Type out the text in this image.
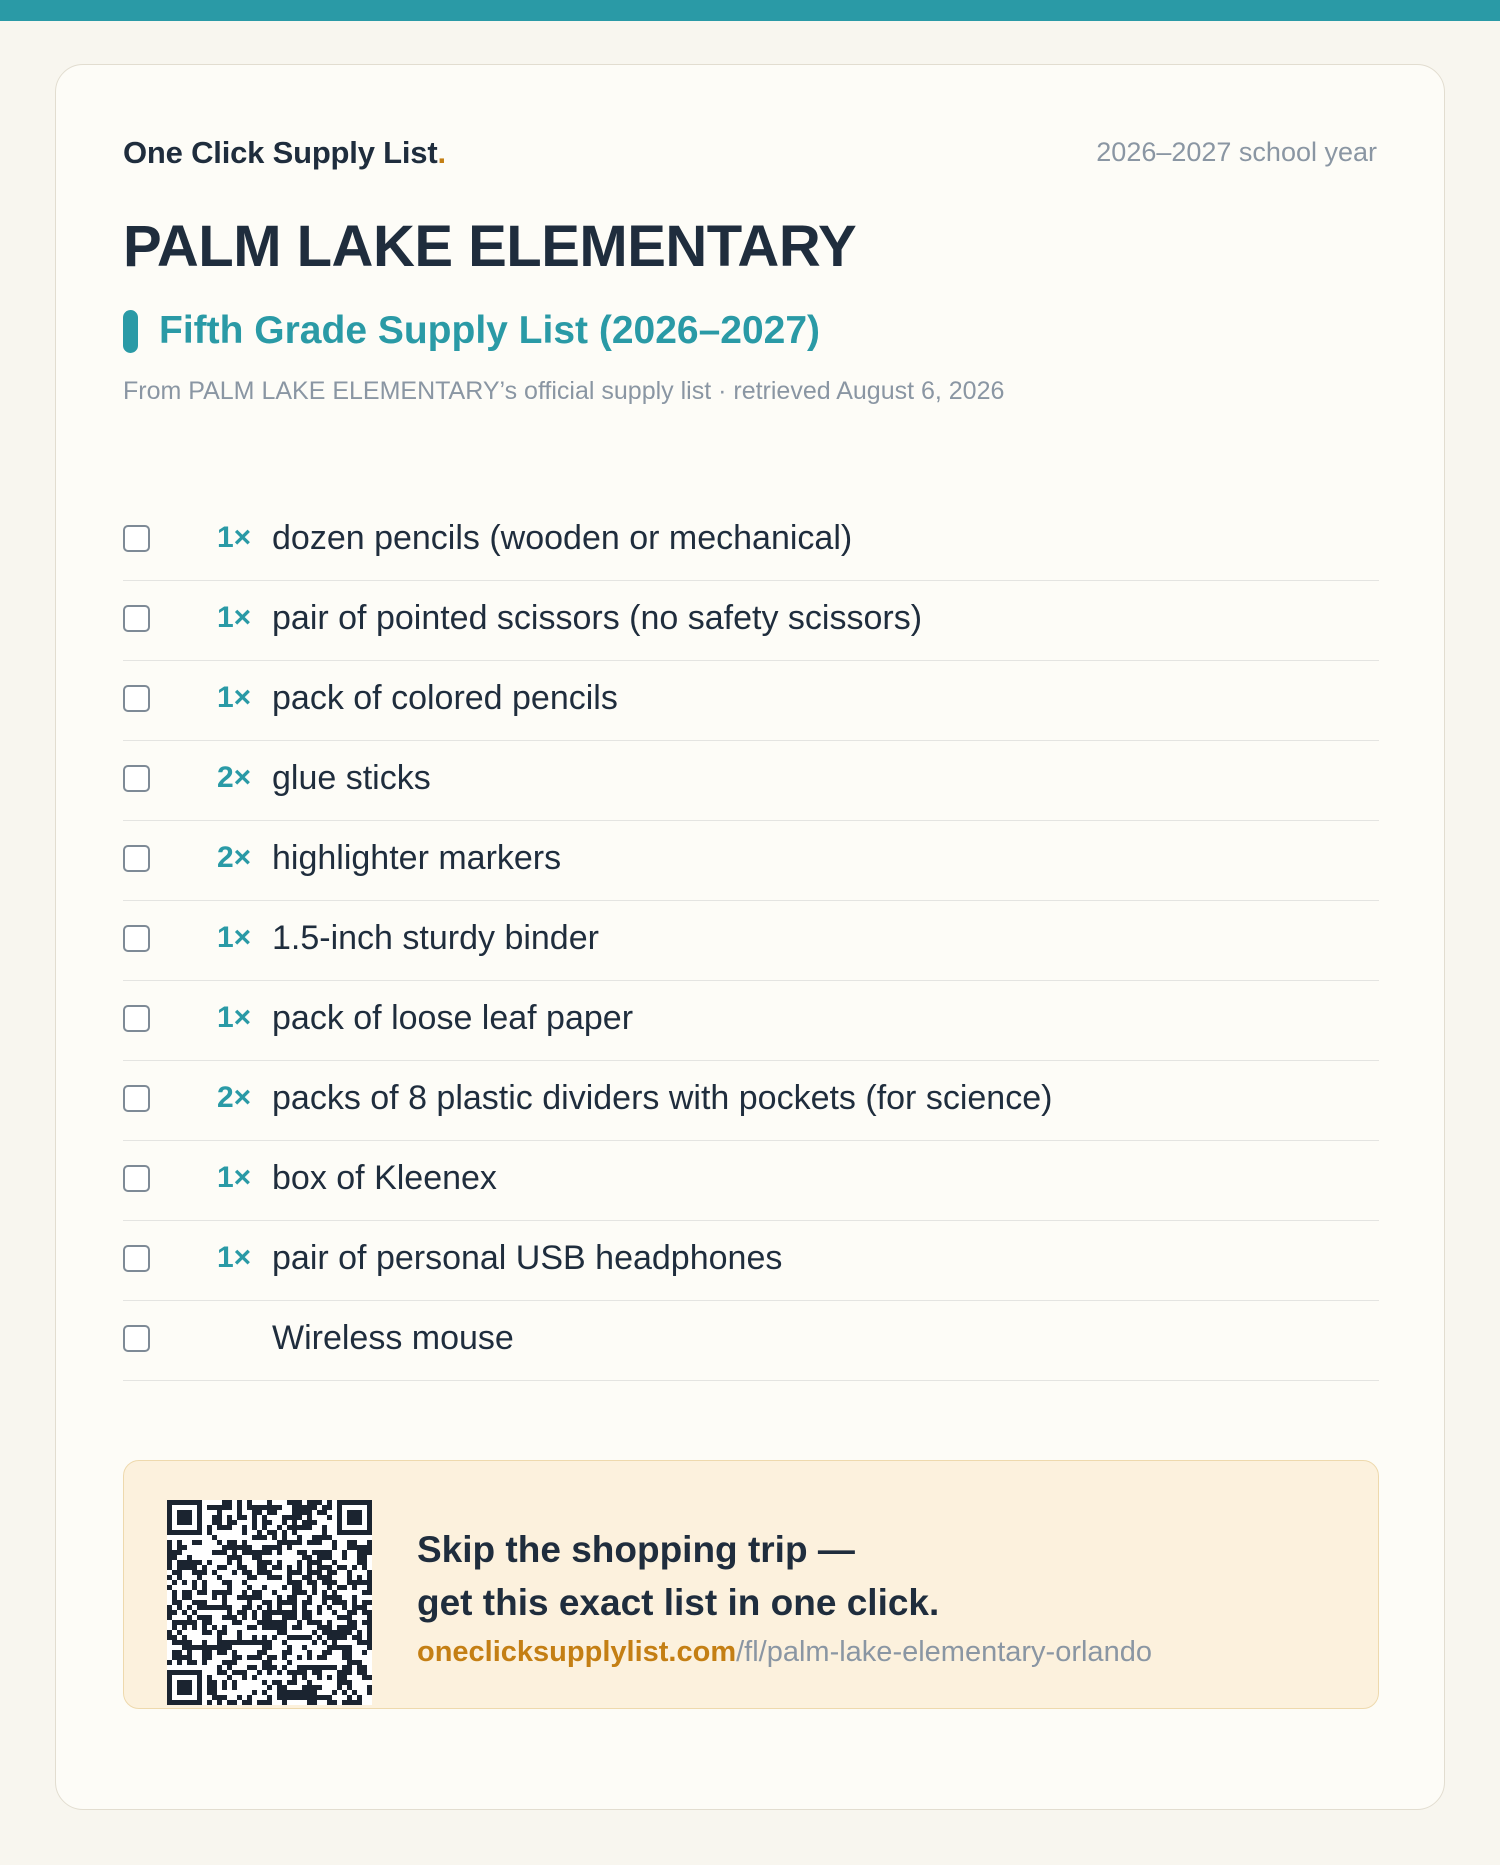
One Click Supply List.	2026–2027 school year
PALM LAKE ELEMENTARY
Fifth Grade Supply List (2026–2027)
From PALM LAKE ELEMENTARY’s official supply list · retrieved August 6, 2026
1× dozen pencils (wooden or mechanical)
1× pair of pointed scissors (no safety scissors)
1× pack of colored pencils
2× glue sticks
2× highlighter markers
1× 1.5-inch sturdy binder
1× pack of loose leaf paper
2× packs of 8 plastic dividers with pockets (for science)
1× box of Kleenex
1× pair of personal USB headphones
Wireless mouse
Skip the shopping trip —
get this exact list in one click.
oneclicksupplylist.com/fl/palm-lake-elementary-orlando
